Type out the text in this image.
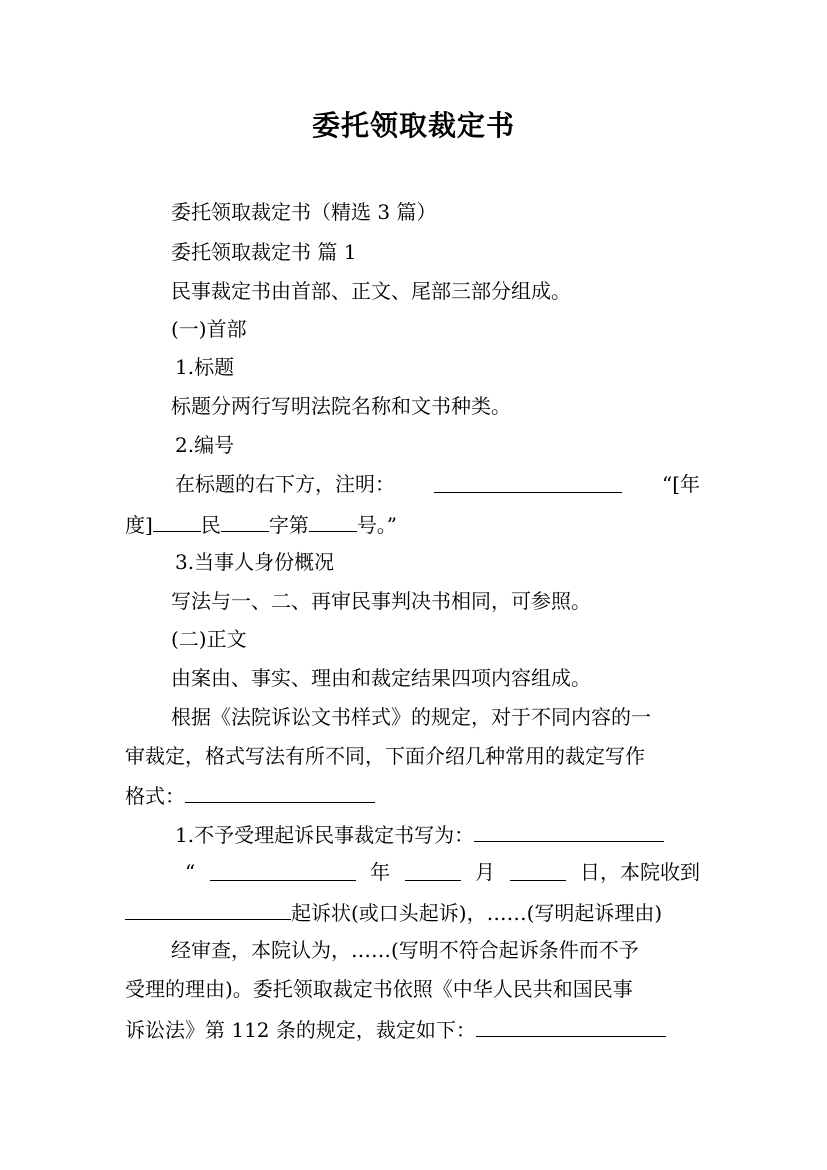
委托领取裁定书
委托领取裁定书（精选 3 篇）
委托领取裁定书 篇 1
民事裁定书由首部、正文、尾部三部分组成。
(一)首部
1.标题
标题分两行写明法院名称和文书种类。
2.编号
在标题的右下方，注明：	“[年
度] 民 字第 号。”
3.当事人身份概况
写法与一、二、再审民事判决书相同，可参照。
(二)正文
由案由、事实、理由和裁定结果四项内容组成。
根据《法院诉讼文书样式》的规定，对于不同内容的一
审裁定，格式写法有所不同，下面介绍几种常用的裁定写作
格式：
1.不予受理起诉民事裁定书写为：
“	年	月	日，本院收到
起诉状(或口头起诉)，……(写明起诉理由)
经审查，本院认为，……(写明不符合起诉条件而不予
受理的理由)。委托领取裁定书依照《中华人民共和国民事
诉讼法》第 112 条的规定，裁定如下：
